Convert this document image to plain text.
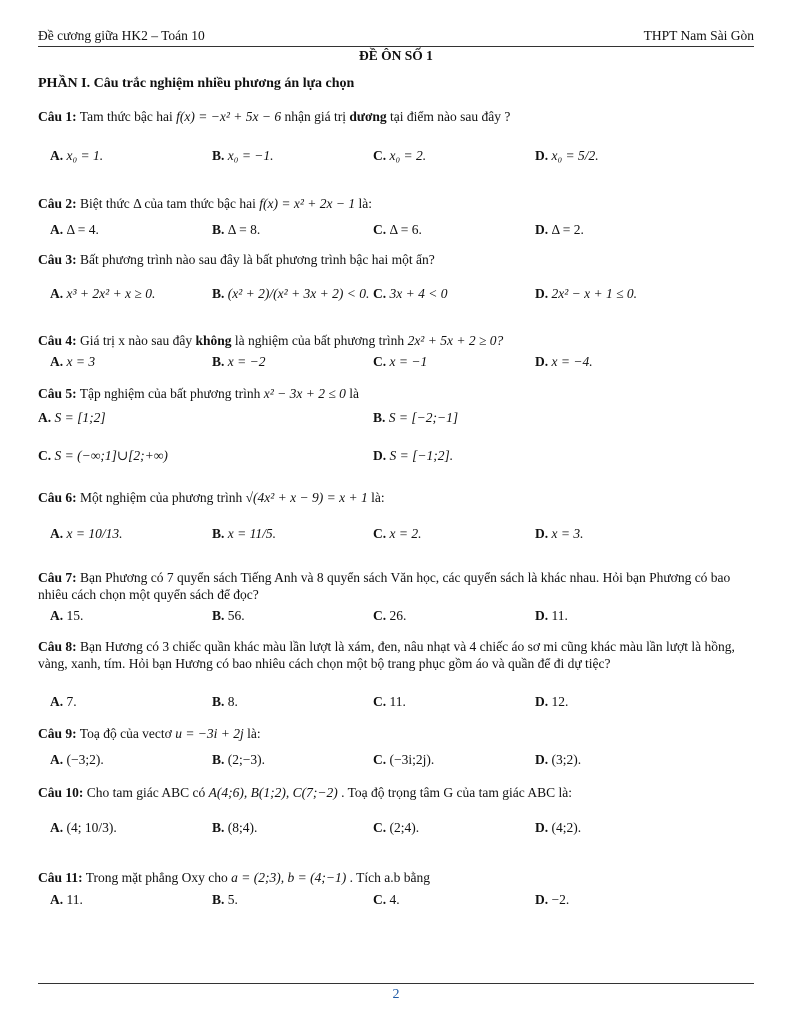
Đề cương giữa HK2 – Toán 10	THPT Nam Sài Gòn
ĐỀ ÔN SỐ 1
PHẦN I. Câu trắc nghiệm nhiều phương án lựa chọn
Câu 1: Tam thức bậc hai f(x) = −x² + 5x − 6 nhận giá trị dương tại điểm nào sau đây ?
A. x₀ = 1.	B. x₀ = −1.	C. x₀ = 2.	D. x₀ = 5/2.
Câu 2: Biệt thức Δ của tam thức bậc hai f(x) = x² + 2x − 1 là:
A. Δ = 4.	B. Δ = 8.	C. Δ = 6.	D. Δ = 2.
Câu 3: Bất phương trình nào sau đây là bất phương trình bậc hai một ẩn?
A. x³ + 2x² + x ≥ 0.	B. (x² + 2)/(x² + 3x + 2) < 0. C. 3x + 4 < 0	D. 2x² − x + 1 ≤ 0.
Câu 4: Giá trị x nào sau đây không là nghiệm của bất phương trình 2x² + 5x + 2 ≥ 0?
A. x = 3	B. x = −2	C. x = −1	D. x = −4.
Câu 5: Tập nghiệm của bất phương trình x² − 3x + 2 ≤ 0 là
A. S = [1;2]	B. S = [−2;−1]
C. S = (−∞;1]∪[2;+∞)	D. S = [−1;2].
Câu 6: Một nghiệm của phương trình √(4x² + x − 9) = x + 1 là:
A. x = 10/13.	B. x = 11/5.	C. x = 2.	D. x = 3.
Câu 7: Bạn Phương có 7 quyển sách Tiếng Anh và 8 quyển sách Văn học, các quyển sách là khác nhau. Hỏi bạn Phương có bao nhiêu cách chọn một quyển sách để đọc?
A. 15.	B. 56.	C. 26.	D. 11.
Câu 8: Bạn Hương có 3 chiếc quần khác màu lần lượt là xám, đen, nâu nhạt và 4 chiếc áo sơ mi cũng khác màu lần lượt là hồng, vàng, xanh, tím. Hỏi bạn Hương có bao nhiêu cách chọn một bộ trang phục gồm áo và quần để đi dự tiệc?
A. 7.	B. 8.	C. 11.	D. 12.
Câu 9: Toạ độ của vectơ u = −3i + 2j là:
A. (−3;2).	B. (2;−3).	C. (−3i;2j).	D. (3;2).
Câu 10: Cho tam giác ABC có A(4;6), B(1;2), C(7;−2) . Toạ độ trọng tâm G của tam giác ABC là:
A. (4; 10/3).	B. (8;4).	C. (2;4).	D. (4;2).
Câu 11: Trong mặt phẳng Oxy cho a = (2;3), b = (4;−1) . Tích a.b bằng
A. 11.	B. 5.	C. 4.	D. −2.
2
